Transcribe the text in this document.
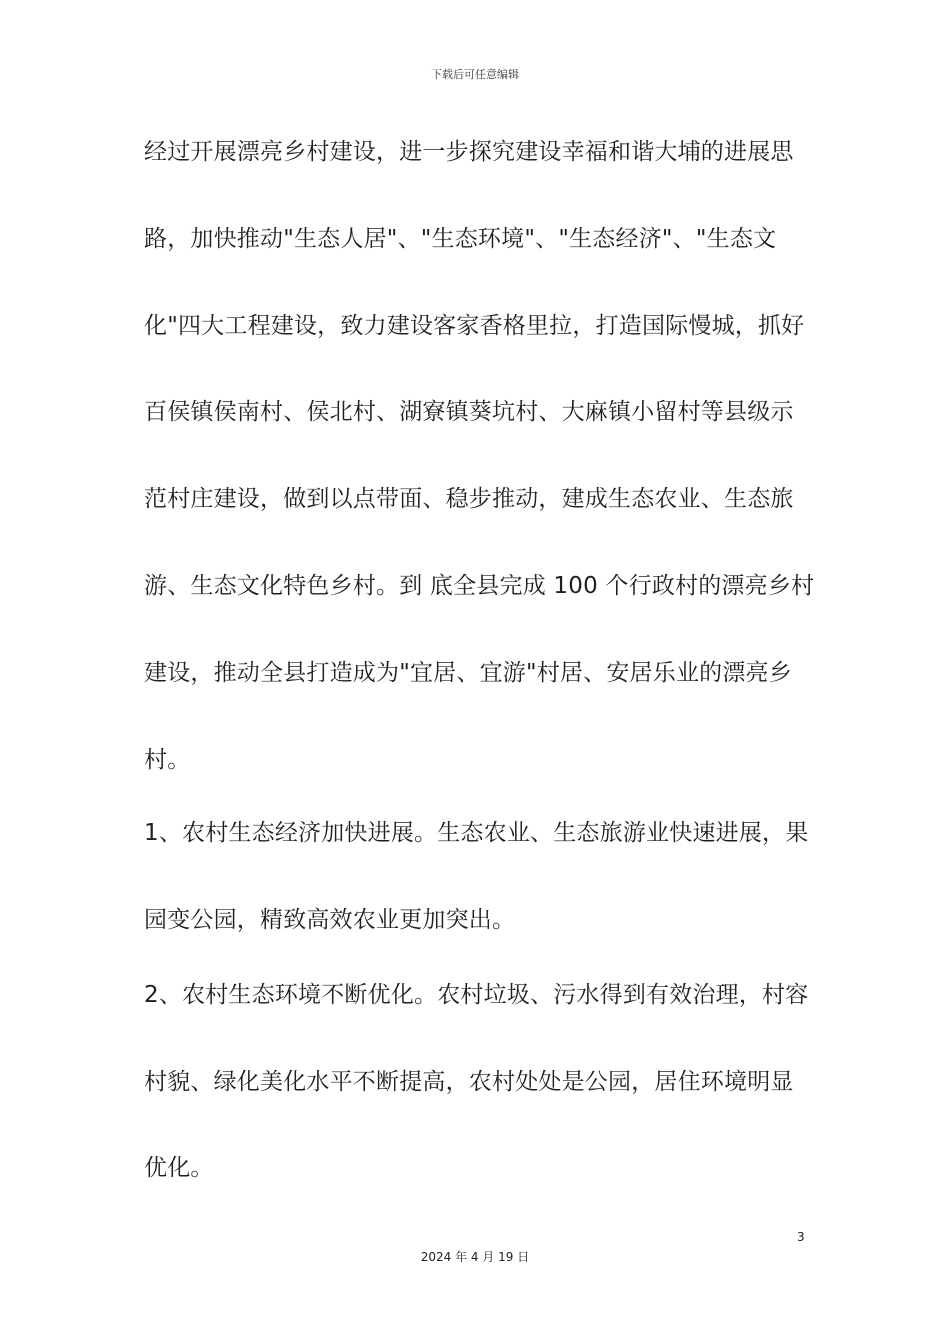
下载后可任意编辑
经过开展漂亮乡村建设，进一步探究建设幸福和谐大埔的进展思
路，加快推动"生态人居"、"生态环境"、"生态经济"、"生态文
化"四大工程建设，致力建设客家香格里拉，打造国际慢城，抓好
百侯镇侯南村、侯北村、湖寮镇葵坑村、大麻镇小留村等县级示
范村庄建设，做到以点带面、稳步推动，建成生态农业、生态旅
游、生态文化特色乡村。到 底全县完成 100 个行政村的漂亮乡村
建设，推动全县打造成为"宜居、宜游"村居、安居乐业的漂亮乡
村。
1、农村生态经济加快进展。生态农业、生态旅游业快速进展，果
园变公园，精致高效农业更加突出。
2、农村生态环境不断优化。农村垃圾、污水得到有效治理，村容
村貌、绿化美化水平不断提高，农村处处是公园，居住环境明显
优化。
3
2024 年 4 月 19 日
